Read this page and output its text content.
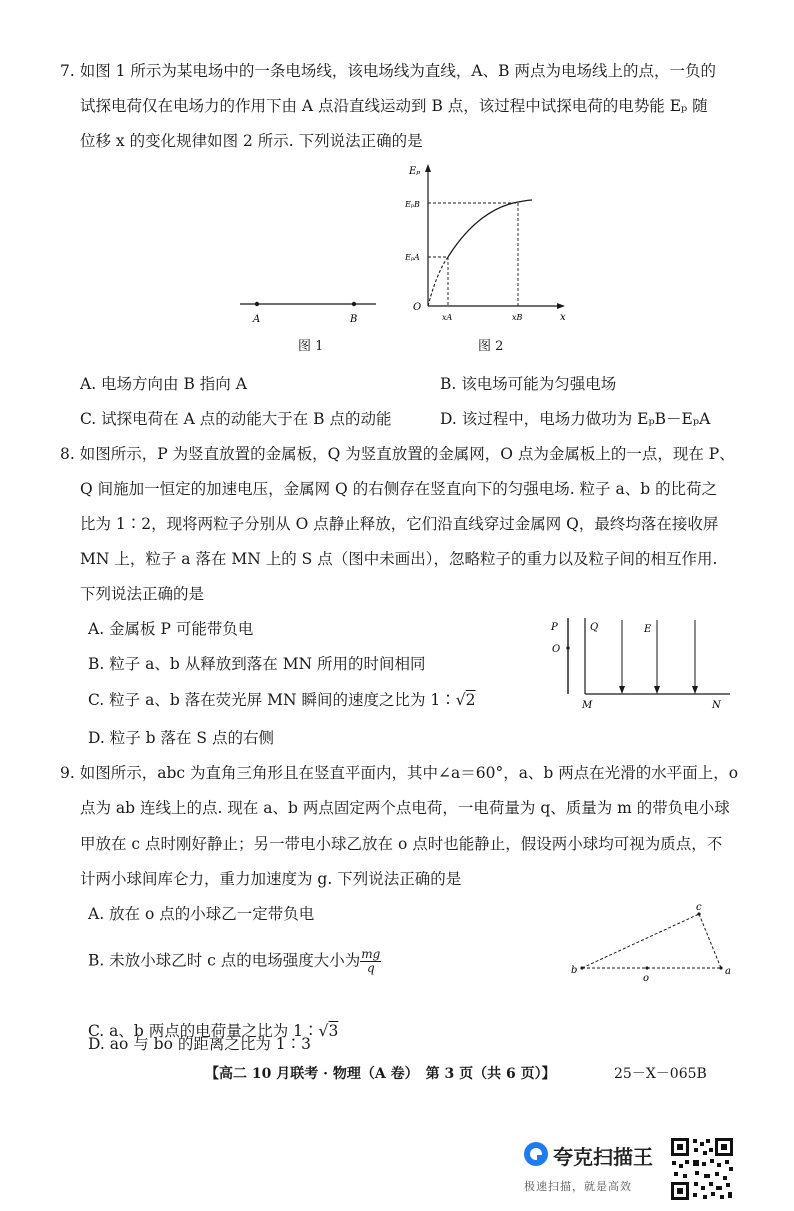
7. 如图 1 所示为某电场中的一条电场线，该电场线为直线，A、B 两点为电场线上的点，一负的
试探电荷仅在电场力的作用下由 A 点沿直线运动到 B 点，该过程中试探电荷的电势能 Eₚ 随
位移 x 的变化规律如图 2 所示. 下列说法正确的是
A	B
图 1
Eₚ
EₚB
EₚA
O
xA	xB	x
图 2
A. 电场方向由 B 指向 A	B. 该电场可能为匀强电场
C. 试探电荷在 A 点的动能大于在 B 点的动能	D. 该过程中，电场力做功为 EₚB－EₚA
8. 如图所示，P 为竖直放置的金属板，Q 为竖直放置的金属网，O 点为金属板上的一点，现在 P、
Q 间施加一恒定的加速电压，金属网 Q 的右侧存在竖直向下的匀强电场. 粒子 a、b 的比荷之
比为 1∶2，现将两粒子分别从 O 点静止释放，它们沿直线穿过金属网 Q，最终均落在接收屏
MN 上，粒子 a 落在 MN 上的 S 点（图中未画出），忽略粒子的重力以及粒子间的相互作用.
下列说法正确的是
A. 金属板 P 可能带负电
B. 粒子 a、b 从释放到落在 MN 所用的时间相同
C. 粒子 a、b 落在荧光屏 MN 瞬间的速度之比为 1∶√2
D. 粒子 b 落在 S 点的右侧
P	Q
O
E
M	N
9. 如图所示，abc 为直角三角形且在竖直平面内，其中∠a＝60°，a、b 两点在光滑的水平面上，o
点为 ab 连线上的点. 现在 a、b 两点固定两个点电荷，一电荷量为 q、质量为 m 的带负电小球
甲放在 c 点时刚好静止；另一带电小球乙放在 o 点时也能静止，假设两小球均可视为质点，不
计两小球间库仑力，重力加速度为 g. 下列说法正确的是
A. 放在 o 点的小球乙一定带负电
B. 未放小球乙时 c 点的电场强度大小为 $\frac{mg}{q}$
C. a、b 两点的电荷量之比为 1∶√3
D. ao 与 bo 的距离之比为 1∶3
b	a
c
o
【高二 10 月联考 · 物理（A 卷）　第 3 页（共 6 页）】	25－X－065B
夸克扫描王
极速扫描，就是高效
